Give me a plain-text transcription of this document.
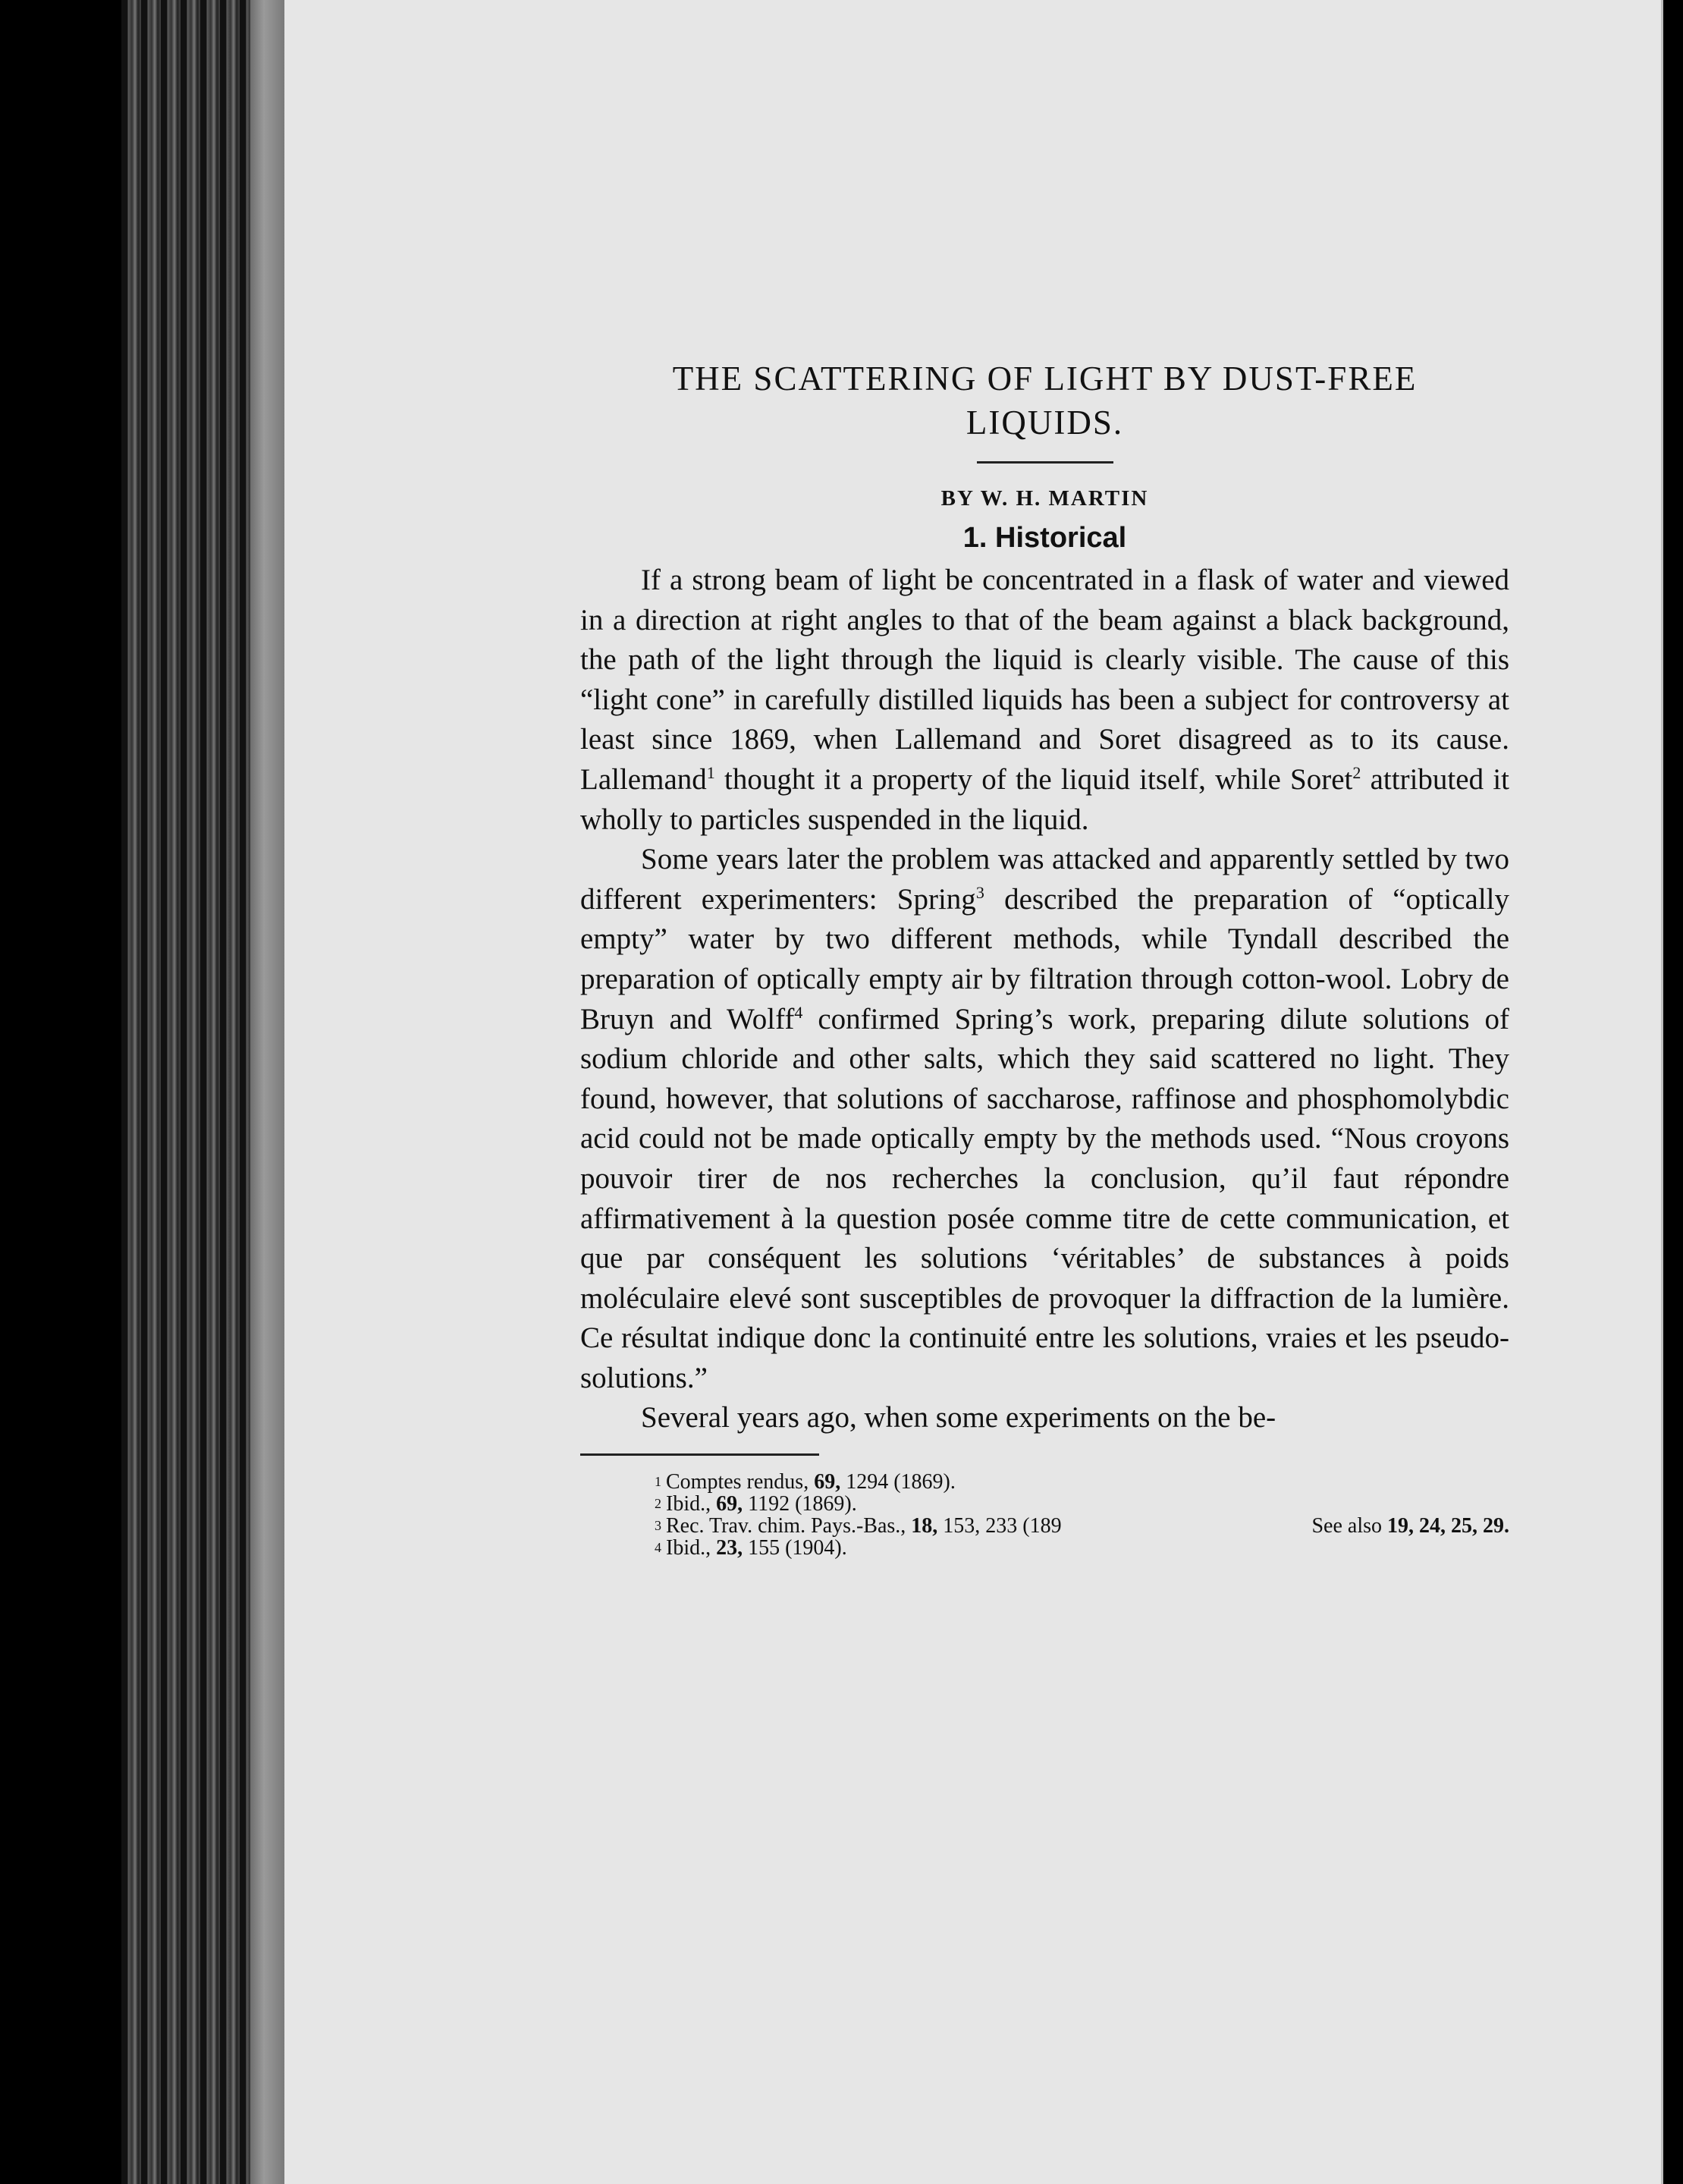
THE SCATTERING OF LIGHT BY DUST-FREE
LIQUIDS.
BY W. H. MARTIN
1. Historical

If a strong beam of light be concentrated in a flask of water and viewed in a direction at right angles to that of the beam against a black background, the path of the light through the liquid is clearly visible. The cause of this “light cone” in carefully distilled liquids has been a subject for controversy at least since 1869, when Lallemand and Soret disagreed as to its cause. Lallemand$^1$ thought it a property of the liquid itself, while Soret$^2$ attributed it wholly to particles suspended in the liquid.

Some years later the problem was attacked and apparently settled by two different experimenters: Spring$^3$ described the preparation of “optically empty” water by two different methods, while Tyndall described the preparation of optically empty air by filtration through cotton-wool. Lobry de Bruyn and Wolff$^4$ confirmed Spring’s work, preparing dilute solutions of sodium chloride and other salts, which they said scattered no light. They found, however, that solutions of saccharose, raffinose and phosphomolybdic acid could not be made optically empty by the methods used. “Nous croyons pouvoir tirer de nos recherches la conclusion, qu’il faut répondre affirmativement à la question posée comme titre de cette communication, et que par conséquent les solutions ‘véritables’ de substances à poids moléculaire elevé sont susceptibles de provoquer la diffraction de la lumière. Ce résultat indique donc la continuité entre les solutions, vraies et les pseudo-solutions.”

Several years ago, when some experiments on the be-

1 Comptes rendus, 69, 1294 (1869).
2 Ibid., 69, 1192 (1869).
3 Rec. Trav. chim. Pays.-Bas., 18, 153, 233 (189	See also 19, 24, 25, 29.
4 Ibid., 23, 155 (1904).
